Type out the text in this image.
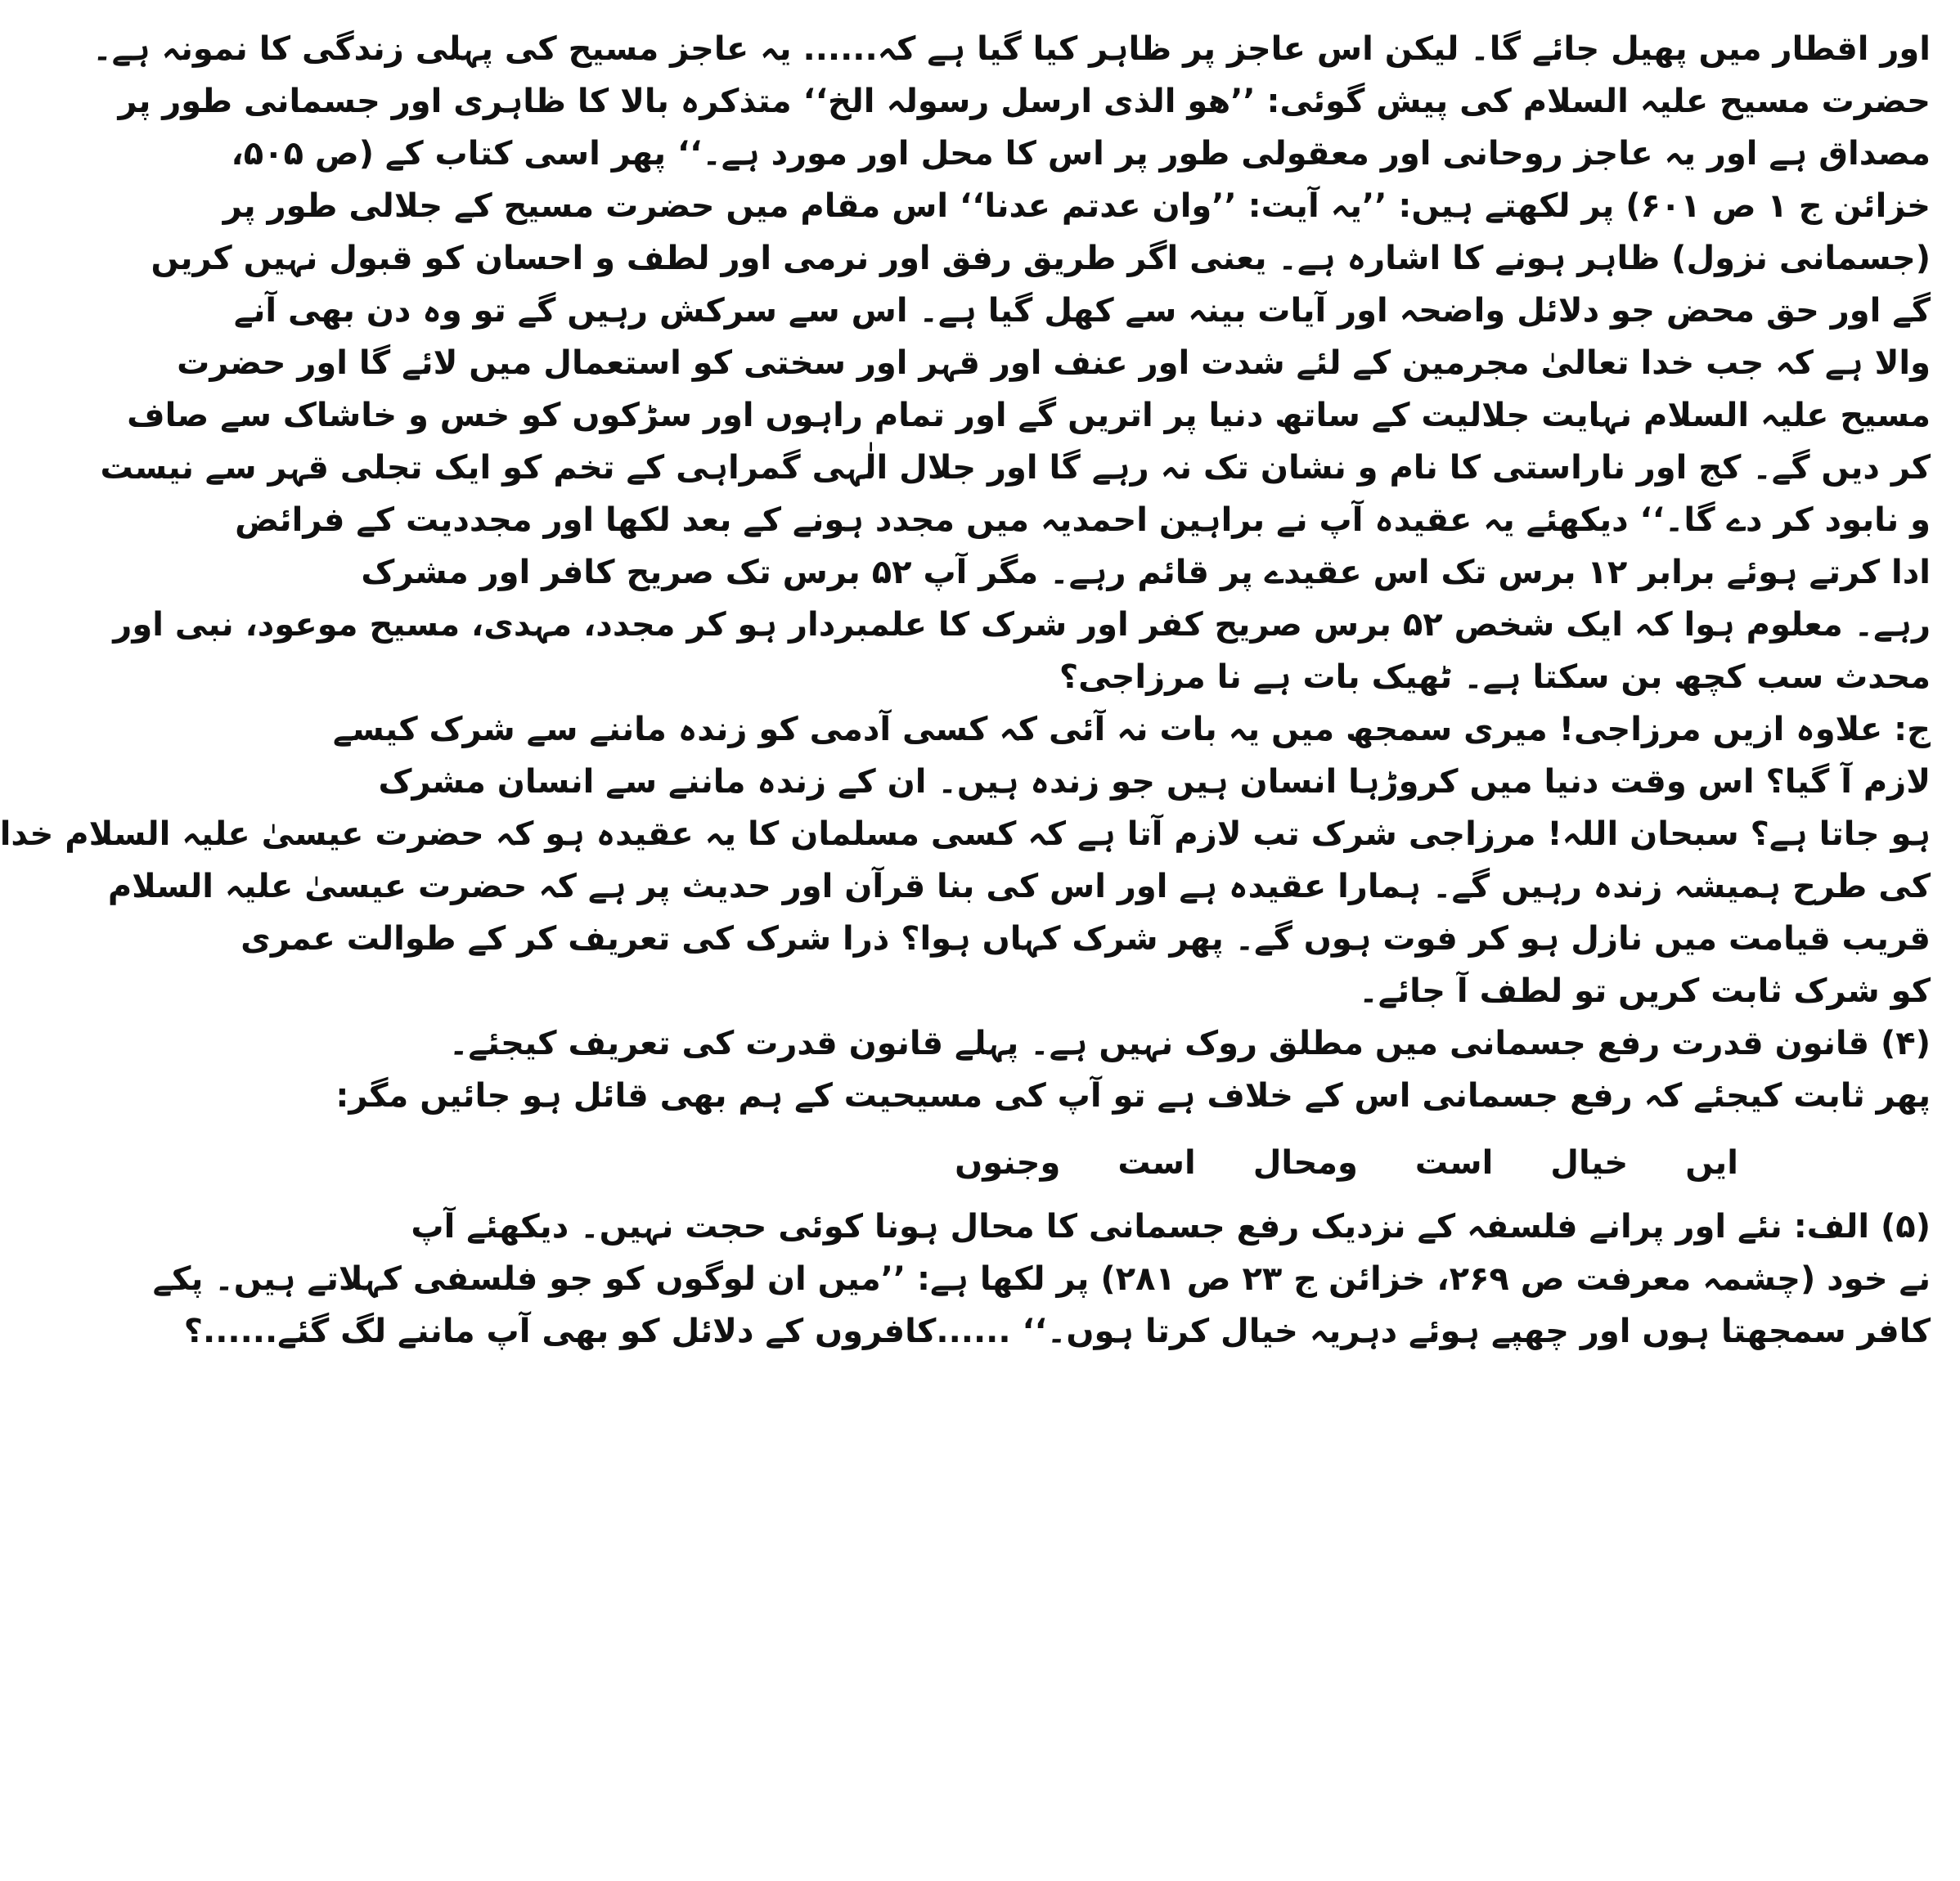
اور اقطار میں پھیل جائے گا۔ لیکن اس عاجز پر ظاہر کیا گیا ہے کہ...... یہ عاجز مسیح کی پہلی زندگی کا نمونہ ہے۔

حضرت مسیح علیہ السلام کی پیش گوئی: ’’ھو الذی ارسل رسولہ الخ‘‘ متذکرہ بالا کا ظاہری اور جسمانی طور پر

مصداق ہے اور یہ عاجز روحانی اور معقولی طور پر اس کا محل اور مورد ہے۔‘‘ پھر اسی کتاب کے (ص ۵۰۵،

خزائن ج ۱ ص ۶۰۱) پر لکھتے ہیں: ’’یہ آیت: ’’وان عدتم عدنا‘‘ اس مقام میں حضرت مسیح کے جلالی طور پر

(جسمانی نزول) ظاہر ہونے کا اشارہ ہے۔ یعنی اگر طریق رفق اور نرمی اور لطف و احسان کو قبول نہیں کریں

گے اور حق محض جو دلائل واضحہ اور آیات بینہ سے کھل گیا ہے۔ اس سے سرکش رہیں گے تو وہ دن بھی آنے

والا ہے کہ جب خدا تعالیٰ مجرمین کے لئے شدت اور عنف اور قہر اور سختی کو استعمال میں لائے گا اور حضرت

مسیح علیہ السلام نہایت جلالیت کے ساتھ دنیا پر اتریں گے اور تمام راہوں اور سڑکوں کو خس و خاشاک سے صاف

کر دیں گے۔ کج اور ناراستی کا نام و نشان تک نہ رہے گا اور جلال الٰہی گمراہی کے تخم کو ایک تجلی قہر سے نیست

و نابود کر دے گا۔‘‘ دیکھئے یہ عقیدہ آپ نے براہین احمدیہ میں مجدد ہونے کے بعد لکھا اور مجددیت کے فرائض

ادا کرتے ہوئے برابر ۱۲ برس تک اس عقیدے پر قائم رہے۔ مگر آپ ۵۲ برس تک صریح کافر اور مشرک

رہے۔ معلوم ہوا کہ ایک شخص ۵۲ برس صریح کفر اور شرک کا علمبردار ہو کر مجدد، مہدی، مسیح موعود، نبی اور

محدث سب کچھ بن سکتا ہے۔ ٹھیک بات ہے نا مرزاجی؟

ج: علاوہ ازیں مرزاجی! میری سمجھ میں یہ بات نہ آئی کہ کسی آدمی کو زندہ ماننے سے شرک کیسے

لازم آ گیا؟ اس وقت دنیا میں کروڑہا انسان ہیں جو زندہ ہیں۔ ان کے زندہ ماننے سے انسان مشرک

ہو جاتا ہے؟ سبحان اللہ! مرزاجی شرک تب لازم آتا ہے کہ کسی مسلمان کا یہ عقیدہ ہو کہ حضرت عیسیٰ علیہ السلام خدا

کی طرح ہمیشہ زندہ رہیں گے۔ ہمارا عقیدہ ہے اور اس کی بنا قرآن اور حدیث پر ہے کہ حضرت عیسیٰ علیہ السلام

قریب قیامت میں نازل ہو کر فوت ہوں گے۔ پھر شرک کہاں ہوا؟ ذرا شرک کی تعریف کر کے طوالت عمری

کو شرک ثابت کریں تو لطف آ جائے۔

(۴) قانون قدرت رفع جسمانی میں مطلق روک نہیں ہے۔ پہلے قانون قدرت کی تعریف کیجئے۔

پھر ثابت کیجئے کہ رفع جسمانی اس کے خلاف ہے تو آپ کی مسیحیت کے ہم بھی قائل ہو جائیں مگر:

ایں
خیال
است
ومحال
است
وجنوں

(۵) الف: نئے اور پرانے فلسفہ کے نزدیک رفع جسمانی کا محال ہونا کوئی حجت نہیں۔ دیکھئے آپ

نے خود (چشمہ معرفت ص ۲۶۹، خزائن ج ۲۳ ص ۲۸۱) پر لکھا ہے: ’’میں ان لوگوں کو جو فلسفی کہلاتے ہیں۔ پکے

کافر سمجھتا ہوں اور چھپے ہوئے دہریہ خیال کرتا ہوں۔‘‘ ......کافروں کے دلائل کو بھی آپ ماننے لگ گئے......؟
